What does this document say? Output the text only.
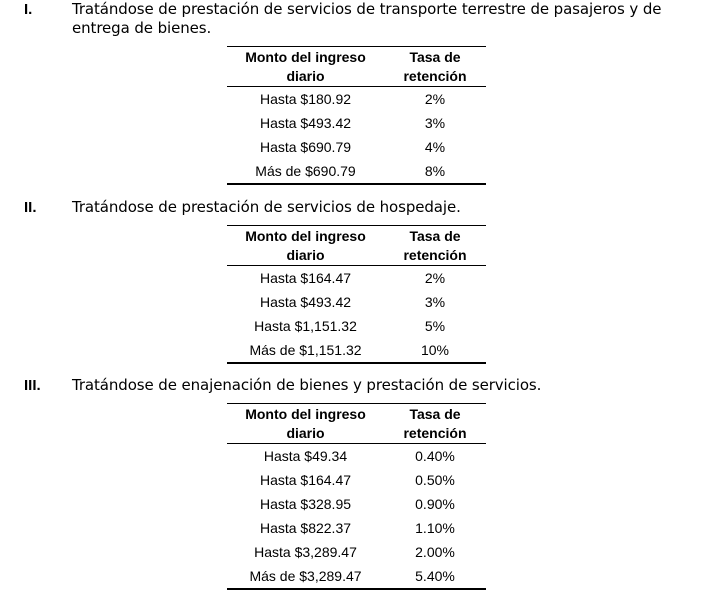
I.	Tratándose de prestación de servicios de transporte terrestre de pasajeros y de entrega de bienes.
Monto del ingreso diario	Tasa de retención
Hasta $180.92	2%
Hasta $493.42	3%
Hasta $690.79	4%
Más de $690.79	8%
II. Tratándose de prestación de servicios de hospedaje.
Monto del ingreso diario	Tasa de retención
Hasta $164.47	2%
Hasta $493.42	3%
Hasta $1,151.32	5%
Más de $1,151.32	10%
III. Tratándose de enajenación de bienes y prestación de servicios.
Monto del ingreso diario	Tasa de retención
Hasta $49.34	0.40%
Hasta $164.47	0.50%
Hasta $328.95	0.90%
Hasta $822.37	1.10%
Hasta $3,289.47	2.00%
Más de $3,289.47	5.40%
